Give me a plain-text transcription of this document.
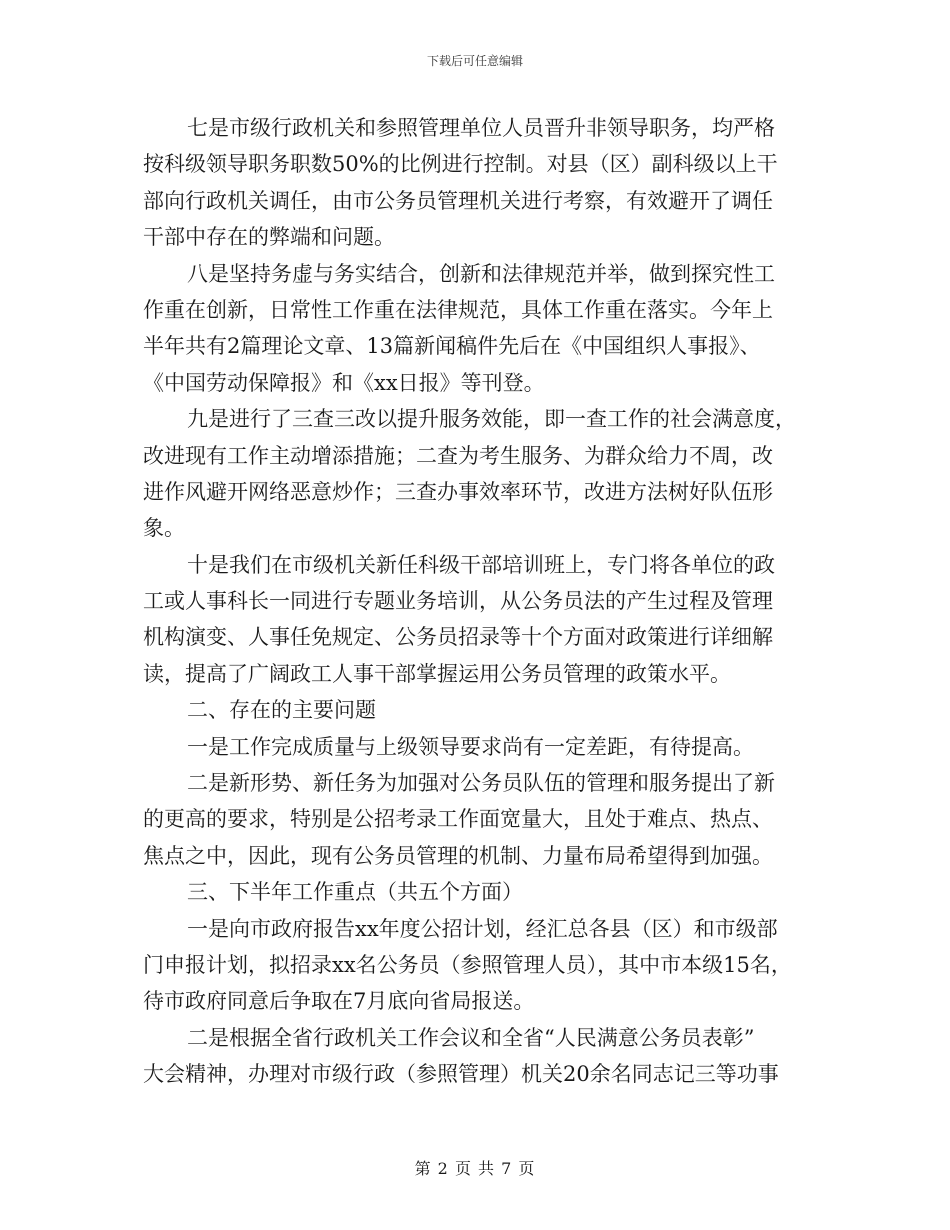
下载后可任意编辑
七是市级行政机关和参照管理单位人员晋升非领导职务，均严格
按科级领导职务职数50%的比例进行控制。对县（区）副科级以上干
部向行政机关调任，由市公务员管理机关进行考察，有效避开了调任
干部中存在的弊端和问题。
八是坚持务虚与务实结合，创新和法律规范并举，做到探究性工
作重在创新，日常性工作重在法律规范，具体工作重在落实。今年上
半年共有2篇理论文章、13篇新闻稿件先后在《中国组织人事报》、
《中国劳动保障报》和《xx日报》等刊登。
九是进行了三查三改以提升服务效能，即一查工作的社会满意度，
改进现有工作主动增添措施；二查为考生服务、为群众给力不周，改
进作风避开网络恶意炒作；三查办事效率环节，改进方法树好队伍形
象。
十是我们在市级机关新任科级干部培训班上，专门将各单位的政
工或人事科长一同进行专题业务培训，从公务员法的产生过程及管理
机构演变、人事任免规定、公务员招录等十个方面对政策进行详细解
读，提高了广阔政工人事干部掌握运用公务员管理的政策水平。
二、存在的主要问题
一是工作完成质量与上级领导要求尚有一定差距，有待提高。
二是新形势、新任务为加强对公务员队伍的管理和服务提出了新
的更高的要求，特别是公招考录工作面宽量大，且处于难点、热点、
焦点之中，因此，现有公务员管理的机制、力量布局希望得到加强。
三、下半年工作重点（共五个方面）
一是向市政府报告xx年度公招计划，经汇总各县（区）和市级部
门申报计划，拟招录xx名公务员（参照管理人员），其中市本级15名，
待市政府同意后争取在7月底向省局报送。
二是根据全省行政机关工作会议和全省“人民满意公务员表彰”
大会精神，办理对市级行政（参照管理）机关20余名同志记三等功事
第 2 页 共 7 页
